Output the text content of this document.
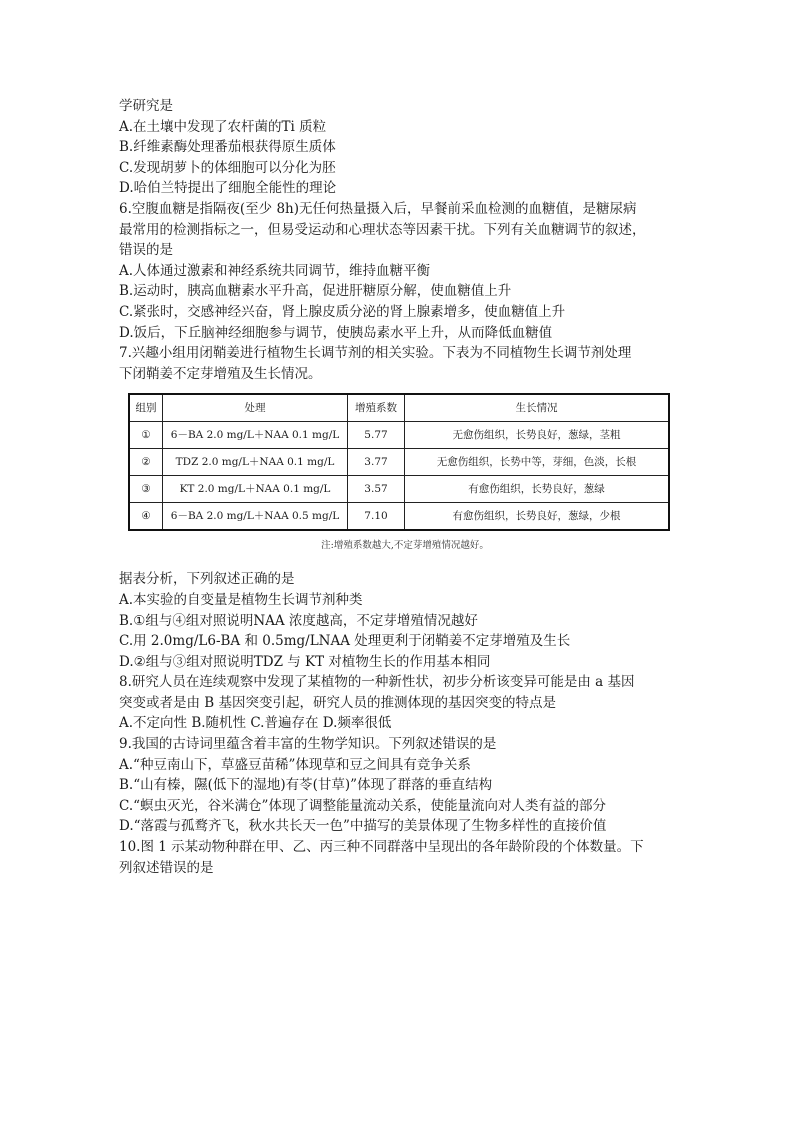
学研究是
A.在土壤中发现了农杆菌的Ti 质粒
B.纤维素酶处理番茄根获得原生质体
C.发现胡萝卜的体细胞可以分化为胚
D.哈伯兰特提出了细胞全能性的理论
6.空腹血糖是指隔夜(至少 8h)无任何热量摄入后，早餐前采血检测的血糖值，是糖尿病
最常用的检测指标之一，但易受运动和心理状态等因素干扰。下列有关血糖调节的叙述，
错误的是
A.人体通过激素和神经系统共同调节，维持血糖平衡
B.运动时，胰高血糖素水平升高，促进肝糖原分解，使血糖值上升
C.紧张时，交感神经兴奋，肾上腺皮质分泌的肾上腺素增多，使血糖值上升
D.饭后，下丘脑神经细胞参与调节，使胰岛素水平上升，从而降低血糖值
7.兴趣小组用闭鞘姜进行植物生长调节剂的相关实验。下表为不同植物生长调节剂处理
下闭鞘姜不定芽增殖及生长情况。
组别	处理	增殖系数	生长情况
①	6－BA 2.0 mg/L＋NAA 0.1 mg/L	5.77	无愈伤组织，长势良好，葱绿，茎粗
②	TDZ 2.0 mg/L＋NAA 0.1 mg/L	3.77	无愈伤组织，长势中等，芽细，色淡，长根
③	KT 2.0 mg/L＋NAA 0.1 mg/L	3.57	有愈伤组织，长势良好，葱绿
④	6－BA 2.0 mg/L＋NAA 0.5 mg/L	7.10	有愈伤组织，长势良好，葱绿，少根
注:增殖系数越大,不定芽增殖情况越好。
据表分析，下列叙述正确的是
A.本实验的自变量是植物生长调节剂种类
B.①组与④组对照说明NAA 浓度越高，不定芽增殖情况越好
C.用 2.0mg/L6-BA 和 0.5mg/LNAA 处理更利于闭鞘姜不定芽增殖及生长
D.②组与③组对照说明TDZ 与 KT 对植物生长的作用基本相同
8.研究人员在连续观察中发现了某植物的一种新性状，初步分析该变异可能是由 a 基因
突变或者是由 B 基因突变引起，研究人员的推测体现的基因突变的特点是
A.不定向性 B.随机性 C.普遍存在 D.频率很低
9.我国的古诗词里蕴含着丰富的生物学知识。下列叙述错误的是
A.“种豆南山下，草盛豆苗稀”体现草和豆之间具有竞争关系
B.“山有榛，隰(低下的湿地)有苓(甘草)”体现了群落的垂直结构
C.“螟虫灭光，谷米满仓”体现了调整能量流动关系，使能量流向对人类有益的部分
D.“落霞与孤鹜齐飞，秋水共长天一色”中描写的美景体现了生物多样性的直接价值
10.图 1 示某动物种群在甲、乙、丙三种不同群落中呈现出的各年龄阶段的个体数量。下
列叙述错误的是
